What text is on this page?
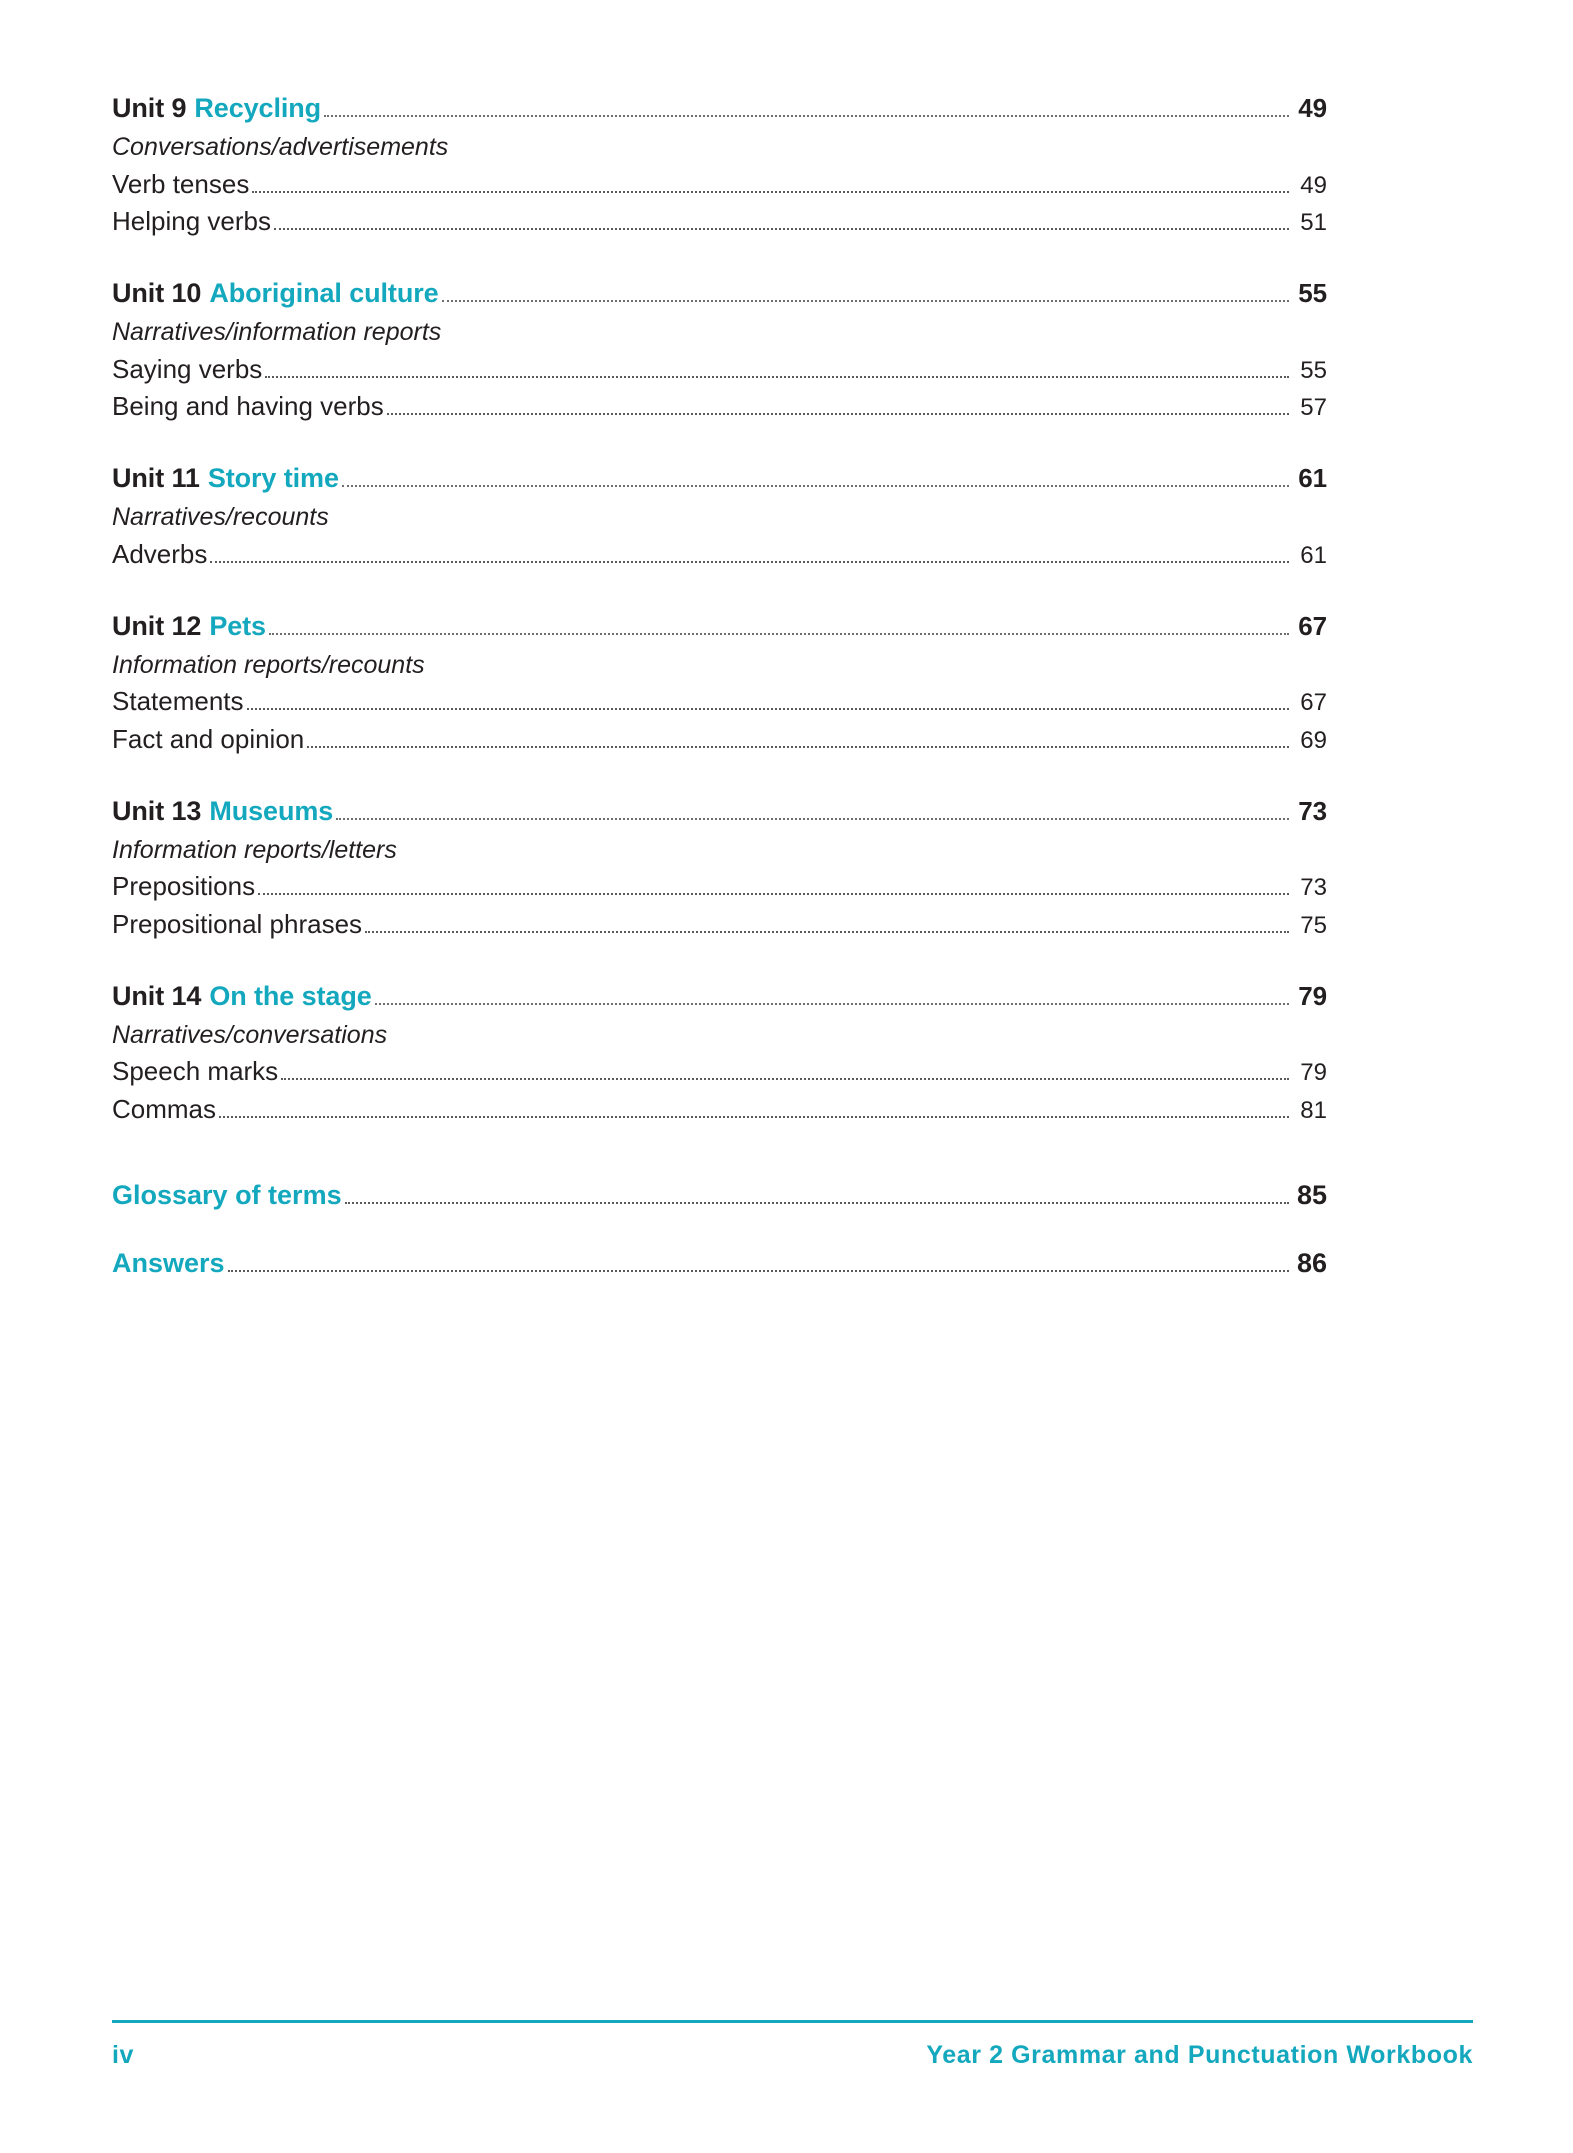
Unit 9 Recycling	49
Conversations/advertisements
Verb tenses	49
Helping verbs	51
Unit 10 Aboriginal culture	55
Narratives/information reports
Saying verbs	55
Being and having verbs	57
Unit 11 Story time	61
Narratives/recounts
Adverbs	61
Unit 12 Pets	67
Information reports/recounts
Statements	67
Fact and opinion	69
Unit 13 Museums	73
Information reports/letters
Prepositions	73
Prepositional phrases	75
Unit 14 On the stage	79
Narratives/conversations
Speech marks	79
Commas	81
Glossary of terms	85
Answers	86
iv	Year 2 Grammar and Punctuation Workbook
